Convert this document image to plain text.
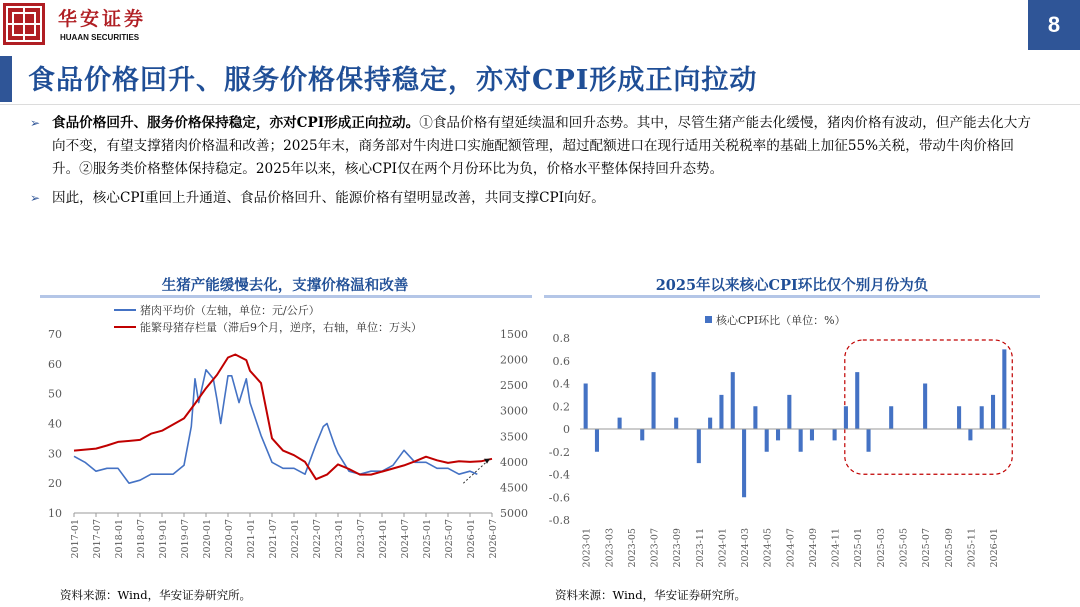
华安证券
HUAAN SECURITIES
8
食品价格回升、服务价格保持稳定，亦对CPI形成正向拉动
➢ 食品价格回升、服务价格保持稳定，亦对CPI形成正向拉动。①食品价格有望延续温和回升态势。其中，尽管生猪产能去化缓慢，猪肉价格有波动，但产能去化大方向不变，有望支撑猪肉价格温和改善；2025年末，商务部对牛肉进口实施配额管理，超过配额进口在现行适用关税税率的基础上加征55%关税，带动牛肉价格回升。②服务类价格整体保持稳定。2025年以来，核心CPI仅在两个月份环比为负，价格水平整体保持回升态势。
➢ 因此，核心CPI重回上升通道、食品价格回升、能源价格有望明显改善，共同支撑CPI向好。
生猪产能缓慢去化，支撑价格温和改善	2025年以来核心CPI环比仅个别月份为负
70
60
50
40
30
20
10
1500
2000
2500
3000
3500
4000
4500
5000
2017-01 2017-07 2018-01 2018-07 2019-01 2019-07 2020-01 2020-07 2021-01 2021-07 2022-01 2022-07 2023-01 2023-07 2024-01 2024-07 2025-01 2025-07 2026-01 2026-07
猪肉平均价（左轴，单位：元/公斤）
能繁母猪存栏量（滞后9个月，逆序，右轴，单位：万头）
0.8
0.6
0.4
0.2
0
-0.2
-0.4
-0.6
-0.8
2023-01 2023-03 2023-05 2023-07 2023-09 2023-11 2024-01 2024-03 2024-05 2024-07 2024-09 2024-11 2025-01 2025-03 2025-05 2025-07 2025-09 2025-11 2026-01
核心CPI环比（单位：%）
资料来源：Wind，华安证券研究所。	资料来源：Wind，华安证券研究所。
